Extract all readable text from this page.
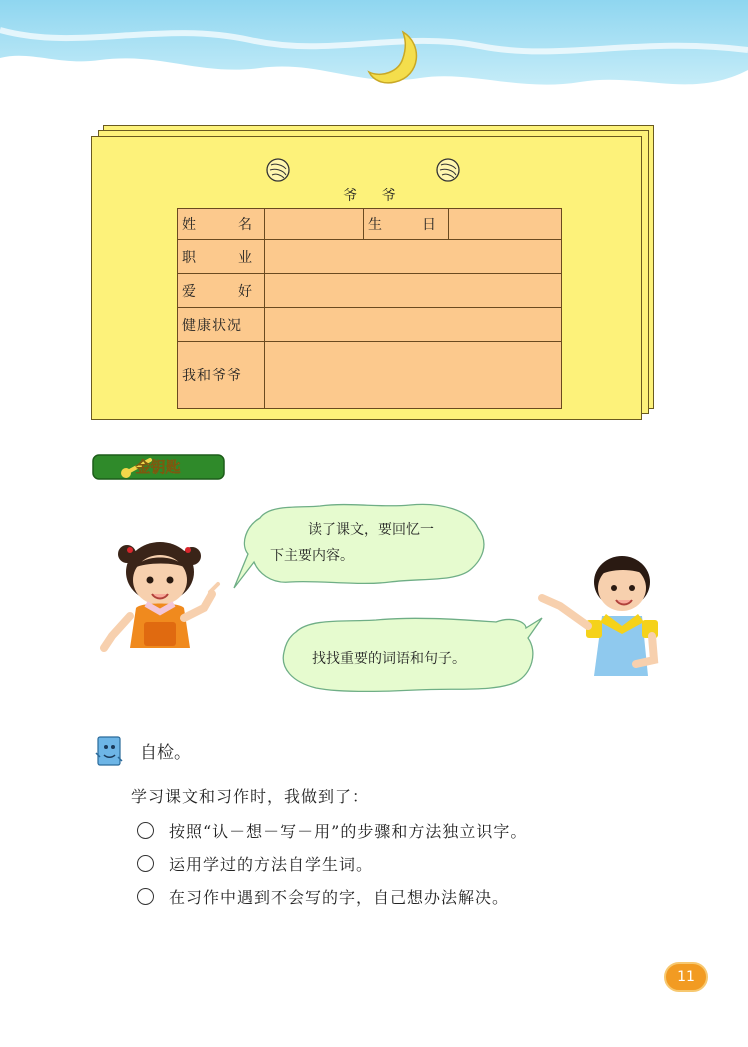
爷 爷
姓 名		生 日	

职 业			

爱 好			

健康状况			
我和爷爷			
金钥匙
读了课文，要回忆一
下主要内容。
找找重要的词语和句子。
自检。
学习课文和习作时，我做到了：
按照“认－想－写－用”的步骤和方法独立识字。
运用学过的方法自学生词。
在习作中遇到不会写的字，自己想办法解决。
11
